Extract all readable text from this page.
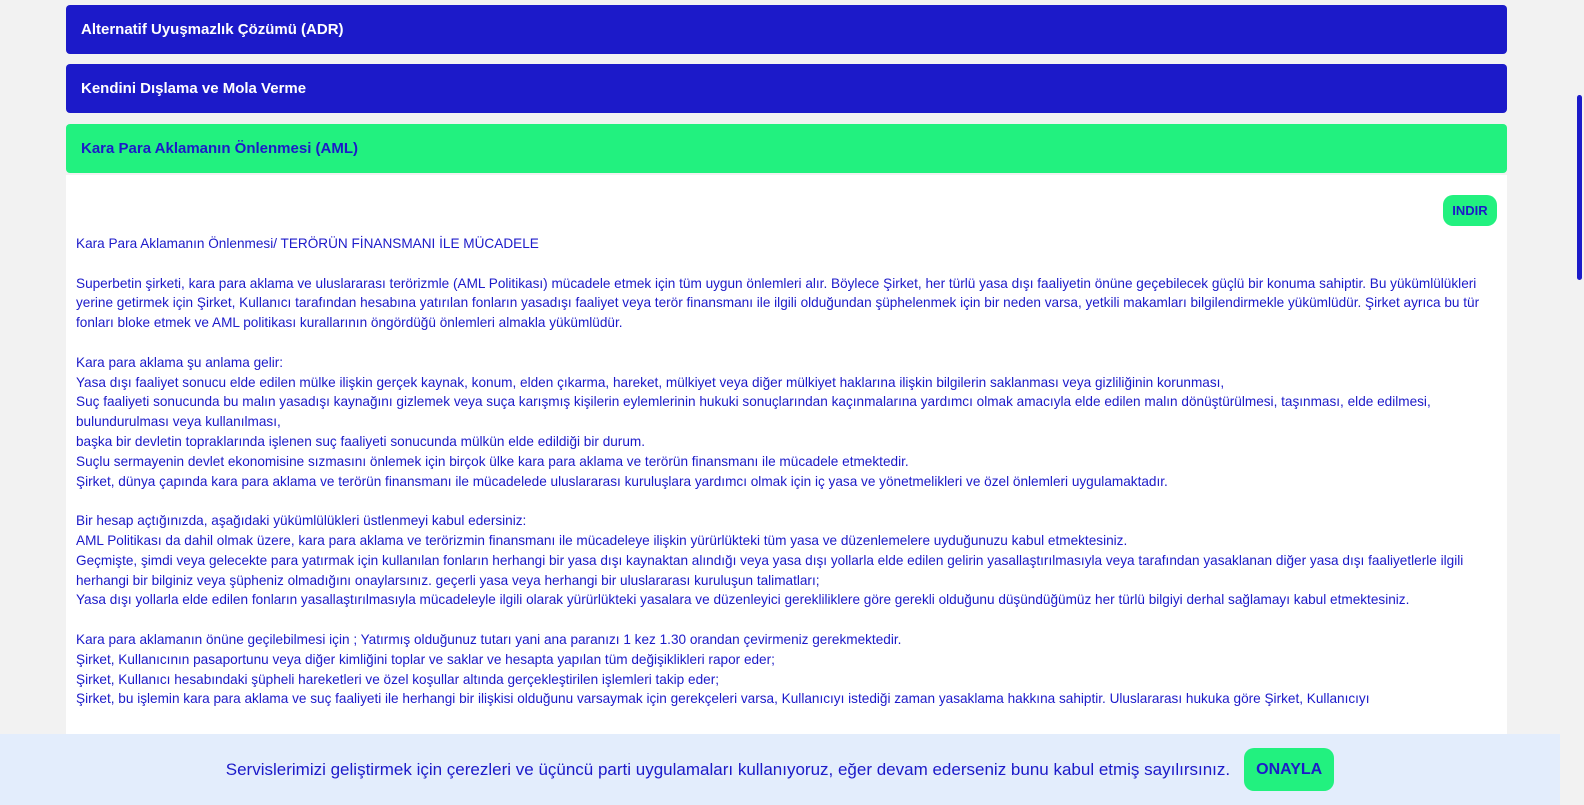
Alternatif Uyuşmazlık Çözümü (ADR)
Kendini Dışlama ve Mola Verme
Kara Para Aklamanın Önlenmesi (AML)
INDIR

Kara Para Aklamanın Önlenmesi/ TERÖRÜN FİNANSMANI İLE MÜCADELE

Superbetin şirketi, kara para aklama ve uluslararası terörizmle (AML Politikası) mücadele etmek için tüm uygun önlemleri alır. Böylece Şirket, her türlü yasa dışı faaliyetin önüne geçebilecek güçlü bir konuma sahiptir. Bu yükümlülükleri yerine getirmek için Şirket, Kullanıcı tarafından hesabına yatırılan fonların yasadışı faaliyet veya terör finansmanı ile ilgili olduğundan şüphelenmek için bir neden varsa, yetkili makamları bilgilendirmekle yükümlüdür. Şirket ayrıca bu tür fonları bloke etmek ve AML politikası kurallarının öngördüğü önlemleri almakla yükümlüdür.

Kara para aklama şu anlama gelir:
Yasa dışı faaliyet sonucu elde edilen mülke ilişkin gerçek kaynak, konum, elden çıkarma, hareket, mülkiyet veya diğer mülkiyet haklarına ilişkin bilgilerin saklanması veya gizliliğinin korunması,
Suç faaliyeti sonucunda bu malın yasadışı kaynağını gizlemek veya suça karışmış kişilerin eylemlerinin hukuki sonuçlarından kaçınmalarına yardımcı olmak amacıyla elde edilen malın dönüştürülmesi, taşınması, elde edilmesi, bulundurulması veya kullanılması,
başka bir devletin topraklarında işlenen suç faaliyeti sonucunda mülkün elde edildiği bir durum.
Suçlu sermayenin devlet ekonomisine sızmasını önlemek için birçok ülke kara para aklama ve terörün finansmanı ile mücadele etmektedir.
Şirket, dünya çapında kara para aklama ve terörün finansmanı ile mücadelede uluslararası kuruluşlara yardımcı olmak için iç yasa ve yönetmelikleri ve özel önlemleri uygulamaktadır.

Bir hesap açtığınızda, aşağıdaki yükümlülükleri üstlenmeyi kabul edersiniz:
AML Politikası da dahil olmak üzere, kara para aklama ve terörizmin finansmanı ile mücadeleye ilişkin yürürlükteki tüm yasa ve düzenlemelere uyduğunuzu kabul etmektesiniz.
Geçmişte, şimdi veya gelecekte para yatırmak için kullanılan fonların herhangi bir yasa dışı kaynaktan alındığı veya yasa dışı yollarla elde edilen gelirin yasallaştırılmasıyla veya tarafından yasaklanan diğer yasa dışı faaliyetlerle ilgili herhangi bir bilginiz veya şüpheniz olmadığını onaylarsınız. geçerli yasa veya herhangi bir uluslararası kuruluşun talimatları;
Yasa dışı yollarla elde edilen fonların yasallaştırılmasıyla mücadeleyle ilgili olarak yürürlükteki yasalara ve düzenleyici gerekliliklere göre gerekli olduğunu düşündüğümüz her türlü bilgiyi derhal sağlamayı kabul etmektesiniz.

Kara para aklamanın önüne geçilebilmesi için ; Yatırmış olduğunuz tutarı yani ana paranızı 1 kez 1.30 orandan çevirmeniz gerekmektedir.
Şirket, Kullanıcının pasaportunu veya diğer kimliğini toplar ve saklar ve hesapta yapılan tüm değişiklikleri rapor eder;
Şirket, Kullanıcı hesabındaki şüpheli hareketleri ve özel koşullar altında gerçekleştirilen işlemleri takip eder;
Şirket, bu işlemin kara para aklama ve suç faaliyeti ile herhangi bir ilişkisi olduğunu varsaymak için gerekçeleri varsa, Kullanıcıyı istediği zaman yasaklama hakkına sahiptir. Uluslararası hukuka göre Şirket, Kullanıcıyı

Servislerimizi geliştirmek için çerezleri ve üçüncü parti uygulamaları kullanıyoruz, eğer devam ederseniz bunu kabul etmiş sayılırsınız.	ONAYLA
